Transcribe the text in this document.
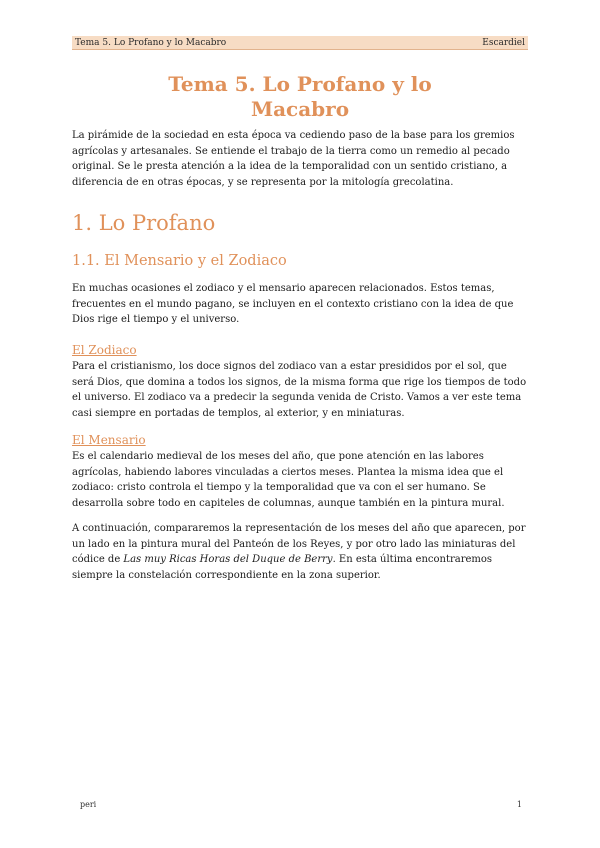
Tema 5. Lo Profano y lo Macabro	Escardiel
Tema 5. Lo Profano y lo
Macabro
La pirámide de la sociedad en esta época va cediendo paso de la base para los gremios agrícolas y artesanales. Se entiende el trabajo de la tierra como un remedio al pecado original. Se le presta atención a la idea de la temporalidad con un sentido cristiano, a diferencia de en otras épocas, y se representa por la mitología grecolatina.
1. Lo Profano
1.1. El Mensario y el Zodiaco
En muchas ocasiones el zodiaco y el mensario aparecen relacionados. Estos temas, frecuentes en el mundo pagano, se incluyen en el contexto cristiano con la idea de que Dios rige el tiempo y el universo.
El Zodiaco
Para el cristianismo, los doce signos del zodiaco van a estar presididos por el sol, que será Dios, que domina a todos los signos, de la misma forma que rige los tiempos de todo el universo. El zodiaco va a predecir la segunda venida de Cristo. Vamos a ver este tema casi siempre en portadas de templos, al exterior, y en miniaturas.
El Mensario
Es el calendario medieval de los meses del año, que pone atención en las labores agrícolas, habiendo labores vinculadas a ciertos meses. Plantea la misma idea que el zodiaco: cristo controla el tiempo y la temporalidad que va con el ser humano. Se desarrolla sobre todo en capiteles de columnas, aunque también en la pintura mural.
A continuación, compararemos la representación de los meses del año que aparecen, por un lado en la pintura mural del Panteón de los Reyes, y por otro lado las miniaturas del códice de Las muy Ricas Horas del Duque de Berry. En esta última encontraremos siempre la constelación correspondiente en la zona superior.
peri	1
